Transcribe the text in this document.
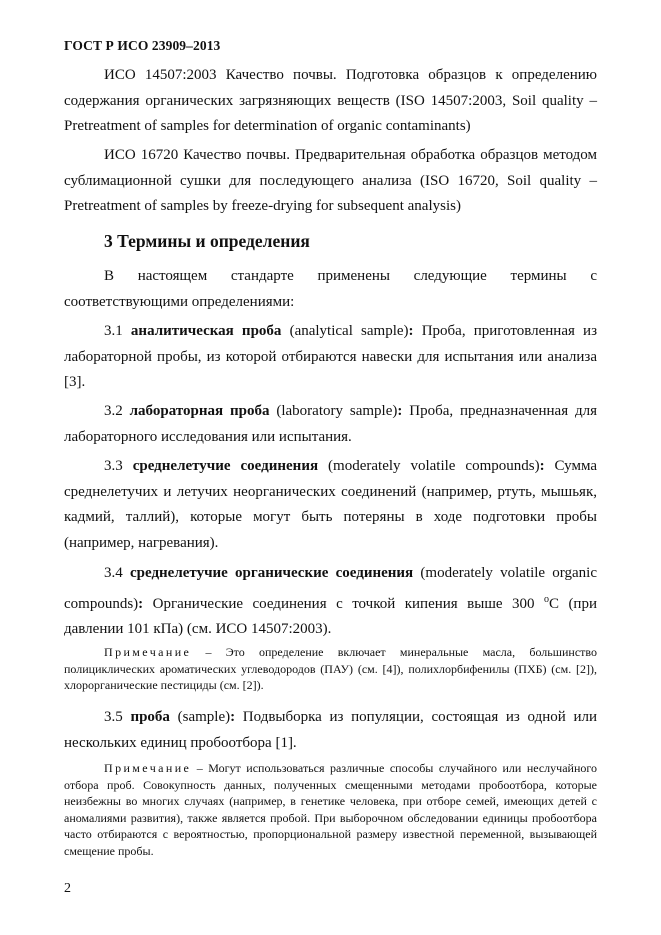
ГОСТ Р ИСО 23909–2013

ИСО 14507:2003 Качество почвы. Подготовка образцов к определению содержания органических загрязняющих веществ (ISO 14507:2003, Soil quality – Pretreatment of samples for determination of organic contaminants)

ИСО 16720 Качество почвы. Предварительная обработка образцов методом сублимационной сушки для последующего анализа (ISO 16720, Soil quality – Pretreatment of samples by freeze-drying for subsequent analysis)

3 Термины и определения

В настоящем стандарте применены следующие термины с соответствующими определениями:

3.1 аналитическая проба (analytical sample): Проба, приготовленная из лабораторной пробы, из которой отбираются навески для испытания или анализа [3].

3.2 лабораторная проба (laboratory sample): Проба, предназначенная для лабораторного исследования или испытания.

3.3 среднелетучие соединения (moderately volatile compounds): Сумма среднелетучих и летучих неорганических соединений (например, ртуть, мышьяк, кадмий, таллий), которые могут быть потеряны в ходе подготовки пробы (например, нагревания).

3.4 среднелетучие органические соединения (moderately volatile organic compounds): Органические соединения с точкой кипения выше 300 $^o$С (при давлении 101 кПа) (см. ИСО 14507:2003).

Примечание – Это определение включает минеральные масла, большинство полициклических ароматических углеводородов (ПАУ) (см. [4]), полихлорбифенилы (ПХБ) (см. [2]), хлорорганические пестициды (см. [2]).

3.5 проба (sample): Подвыборка из популяции, состоящая из одной или нескольких единиц пробоотбора [1].

Примечание – Могут использоваться различные способы случайного или неслучайного отбора проб. Совокупность данных, полученных смещенными методами пробоотбора, которые неизбежны во многих случаях (например, в генетике человека, при отборе семей, имеющих детей с аномалиями развития), также является пробой. При выборочном обследовании единицы пробоотбора часто отбираются с вероятностью, пропорциональной размеру известной переменной, вызывающей смещение пробы.

2
